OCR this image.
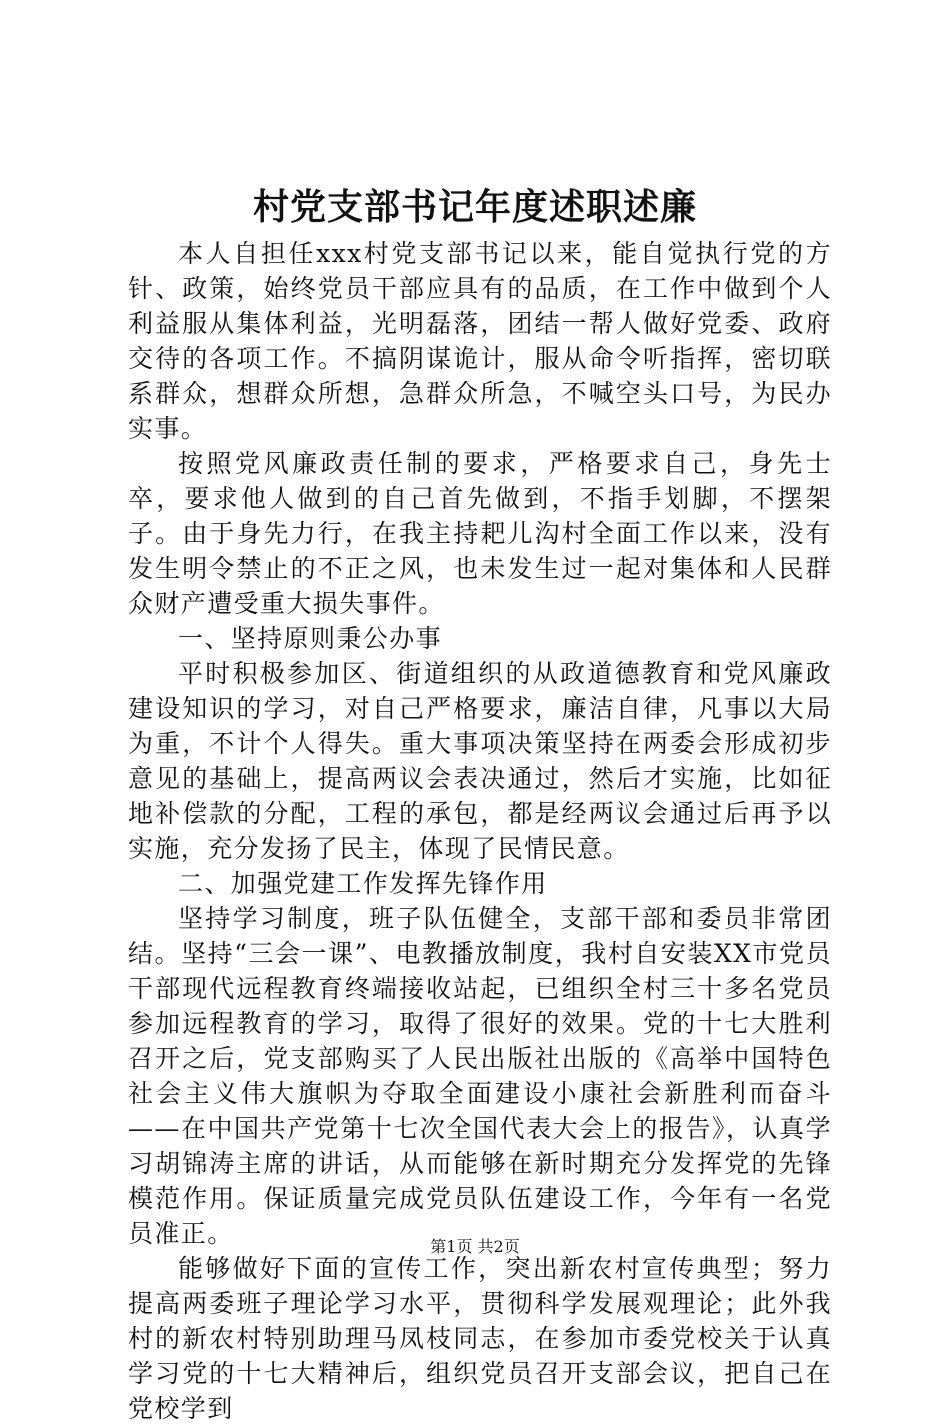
村党支部书记年度述职述廉

本人自担任xxx村党支部书记以来，能自觉执行党的方针、政策，始终党员干部应具有的品质，在工作中做到个人利益服从集体利益，光明磊落，团结一帮人做好党委、政府交待的各项工作。不搞阴谋诡计，服从命令听指挥，密切联系群众，想群众所想，急群众所急，不喊空头口号，为民办实事。

按照党风廉政责任制的要求，严格要求自己，身先士卒，要求他人做到的自己首先做到，不指手划脚，不摆架子。由于身先力行，在我主持耙儿沟村全面工作以来，没有发生明令禁止的不正之风，也未发生过一起对集体和人民群众财产遭受重大损失事件。

一、坚持原则秉公办事

平时积极参加区、街道组织的从政道德教育和党风廉政建设知识的学习，对自己严格要求，廉洁自律，凡事以大局为重，不计个人得失。重大事项决策坚持在两委会形成初步意见的基础上，提高两议会表决通过，然后才实施，比如征地补偿款的分配，工程的承包，都是经两议会通过后再予以实施，充分发扬了民主，体现了民情民意。

二、加强党建工作发挥先锋作用

坚持学习制度，班子队伍健全，支部干部和委员非常团结。坚持“三会一课”、电教播放制度，我村自安装XX市党员干部现代远程教育终端接收站起，已组织全村三十多名党员参加远程教育的学习，取得了很好的效果。党的十七大胜利召开之后，党支部购买了人民出版社出版的《高举中国特色社会主义伟大旗帜为夺取全面建设小康社会新胜利而奋斗——在中国共产党第十七次全国代表大会上的报告》，认真学习胡锦涛主席的讲话，从而能够在新时期充分发挥党的先锋模范作用。保证质量完成党员队伍建设工作，今年有一名党员准正。

能够做好下面的宣传工作，突出新农村宣传典型；努力提高两委班子理论学习水平，贯彻科学发展观理论；此外我村的新农村特别助理马凤枝同志，在参加市委党校关于认真学习党的十七大精神后，组织党员召开支部会议，把自己在党校学到

第1页 共2页
